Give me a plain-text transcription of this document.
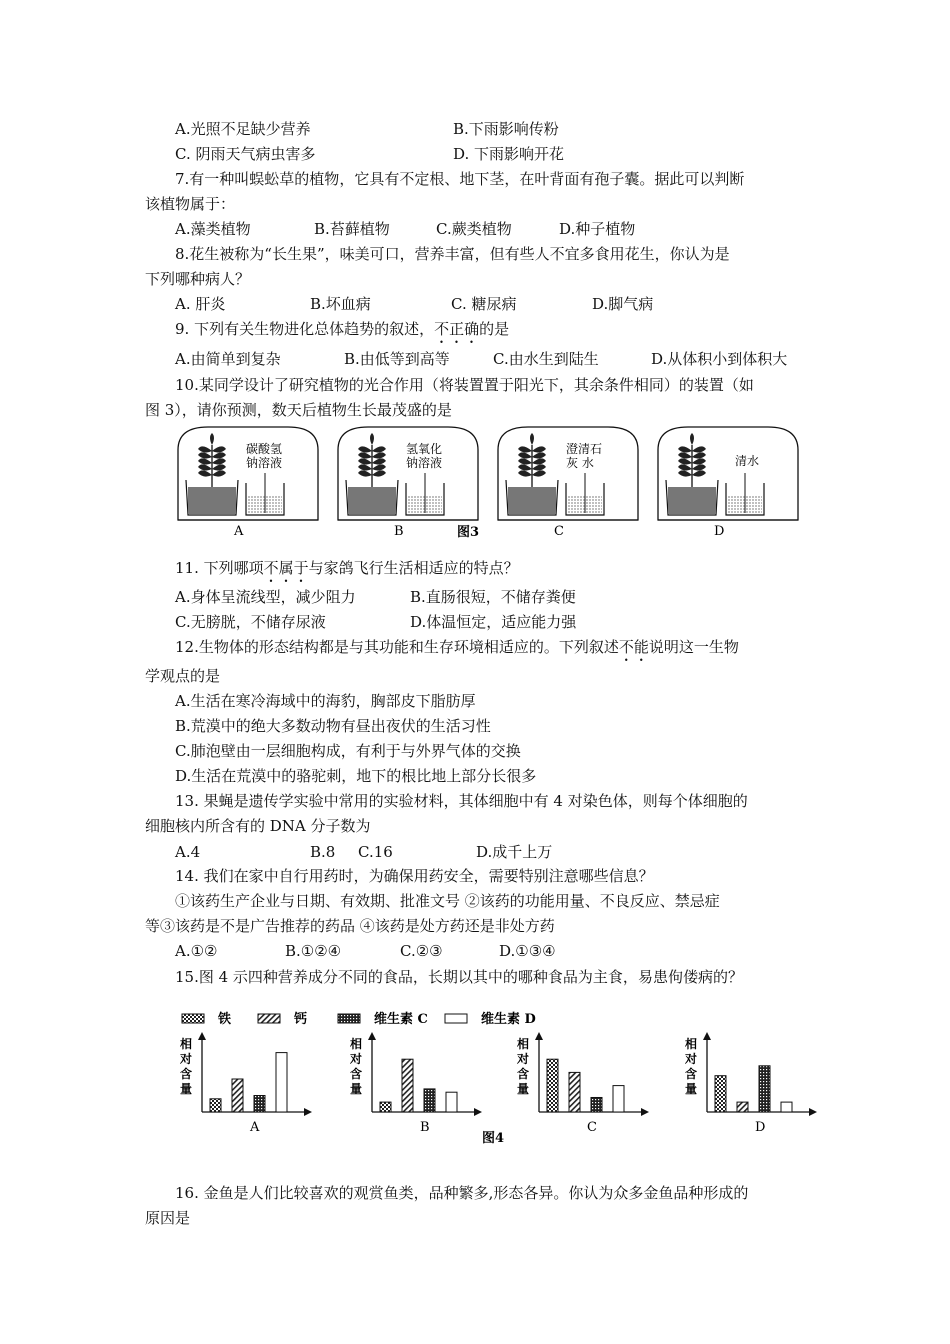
A.光照不足缺少营养	B.下雨影响传粉
C. 阴雨天气病虫害多	D. 下雨影响开花
7.有一种叫蜈蚣草的植物，它具有不定根、地下茎，在叶背面有孢子囊。据此可以判断
该植物属于：
A.藻类植物	B.苔藓植物	C.蕨类植物	D.种子植物
8.花生被称为“长生果”，味美可口，营养丰富，但有些人不宜多食用花生，你认为是
下列哪种病人？
A. 肝炎	B.坏血病	C. 糖尿病	D.脚气病
9. 下列有关生物进化总体趋势的叙述，不正确的是
A.由简单到复杂	B.由低等到高等	C.由水生到陆生	D.从体积小到体积大
10.某同学设计了研究植物的光合作用（将装置置于阳光下，其余条件相同）的装置（如
图 3），请你预测，数天后植物生长最茂盛的是
碳酸氢
钠溶液
A
氢氧化
钠溶液
B
澄清石
灰 水
C
清水
D
图3
11. 下列哪项不属于与家鸽飞行生活相适应的特点？
A.身体呈流线型，减少阻力	B.直肠很短，不储存粪便
C.无膀胱，不储存尿液	D.体温恒定，适应能力强
12.生物体的形态结构都是与其功能和生存环境相适应的。下列叙述不能说明这一生物
学观点的是
A.生活在寒冷海域中的海豹，胸部皮下脂肪厚
B.荒漠中的绝大多数动物有昼出夜伏的生活习性
C.肺泡壁由一层细胞构成，有利于与外界气体的交换
D.生活在荒漠中的骆驼刺，地下的根比地上部分长很多
13. 果蝇是遗传学实验中常用的实验材料，其体细胞中有 4 对染色体，则每个体细胞的
细胞核内所含有的 DNA 分子数为
A.4	B.8 C.16	D.成千上万
14. 我们在家中自行用药时，为确保用药安全，需要特别注意哪些信息？
①该药生产企业与日期、有效期、批准文号 ②该药的功能用量、不良反应、禁忌症
等③该药是不是广告推荐的药品 ④该药是处方药还是非处方药
A.①②	B.①②④	C.②③	D.①③④
15.图 4 示四种营养成分不同的食品，长期以其中的哪种食品为主食，易患佝偻病的？
铁	钙	维生素 C	维生素 D
相
对
含
量
A
相
对
含
量
B
相
对
含
量
C
相
对
含
量
D
图4
16. 金鱼是人们比较喜欢的观赏鱼类，品种繁多,形态各异。你认为众多金鱼品种形成的
原因是
